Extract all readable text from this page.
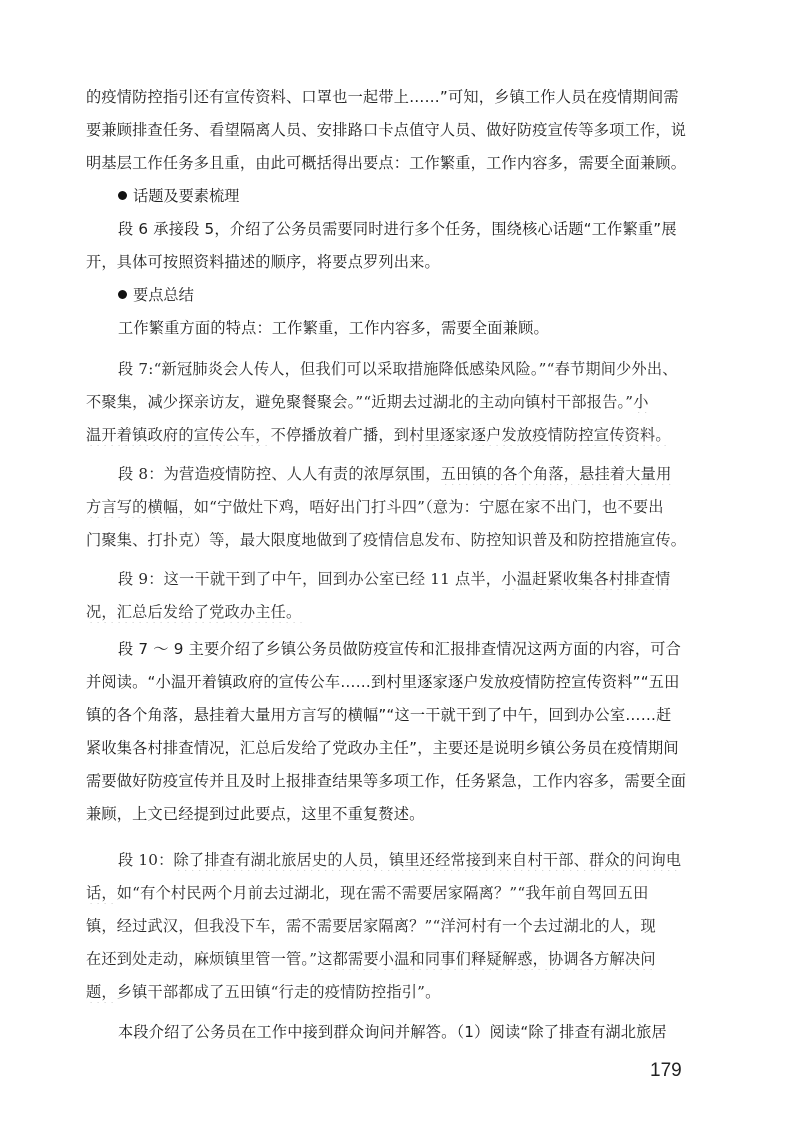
的疫情防控指引还有宣传资料、口罩也一起带上……”可知，乡镇工作人员在疫情期间需
要兼顾排查任务、看望隔离人员、安排路口卡点值守人员、做好防疫宣传等多项工作，说
明基层工作任务多且重，由此可概括得出要点：工作繁重，工作内容多，需要全面兼顾。
话题及要素梳理
段 6 承接段 5，介绍了公务员需要同时进行多个任务，围绕核心话题“工作繁重”展
开，具体可按照资料描述的顺序，将要点罗列出来。
要点总结
工作繁重方面的特点：工作繁重，工作内容多，需要全面兼顾。
段 7:“新冠肺炎会人传人，但我们可以采取措施降低感染风险。”“春节期间少外出、
不聚集，减少探亲访友，避免聚餐聚会。”“近期去过湖北的主动向镇村干部报告。”小
温开着镇政府的宣传公车，不停播放着广播，到村里逐家逐户发放疫情防控宣传资料。
段 8：为营造疫情防控、人人有责的浓厚氛围，五田镇的各个角落，悬挂着大量用
方言写的横幅，如“宁做灶下鸡，唔好出门打斗四”（意为：宁愿在家不出门，也不要出
门聚集、打扑克）等，最大限度地做到了疫情信息发布、防控知识普及和防控措施宣传。
段 9：这一干就干到了中午，回到办公室已经 11 点半，小温赶紧收集各村排查情
况，汇总后发给了党政办主任。
段 7 ～ 9 主要介绍了乡镇公务员做防疫宣传和汇报排查情况这两方面的内容，可合
并阅读。“小温开着镇政府的宣传公车……到村里逐家逐户发放疫情防控宣传资料”“五田
镇的各个角落，悬挂着大量用方言写的横幅”“这一干就干到了中午，回到办公室……赶
紧收集各村排查情况，汇总后发给了党政办主任”，主要还是说明乡镇公务员在疫情期间
需要做好防疫宣传并且及时上报排查结果等多项工作，任务紧急，工作内容多，需要全面
兼顾，上文已经提到过此要点，这里不重复赘述。
段 10：除了排查有湖北旅居史的人员，镇里还经常接到来自村干部、群众的问询电
话，如“有个村民两个月前去过湖北，现在需不需要居家隔离？”“我年前自驾回五田
镇，经过武汉，但我没下车，需不需要居家隔离？”“洋河村有一个去过湖北的人，现
在还到处走动，麻烦镇里管一管。”这都需要小温和同事们释疑解惑，协调各方解决问
题，乡镇干部都成了五田镇“行走的疫情防控指引”。
本段介绍了公务员在工作中接到群众询问并解答。（1）阅读“除了排查有湖北旅居
179
